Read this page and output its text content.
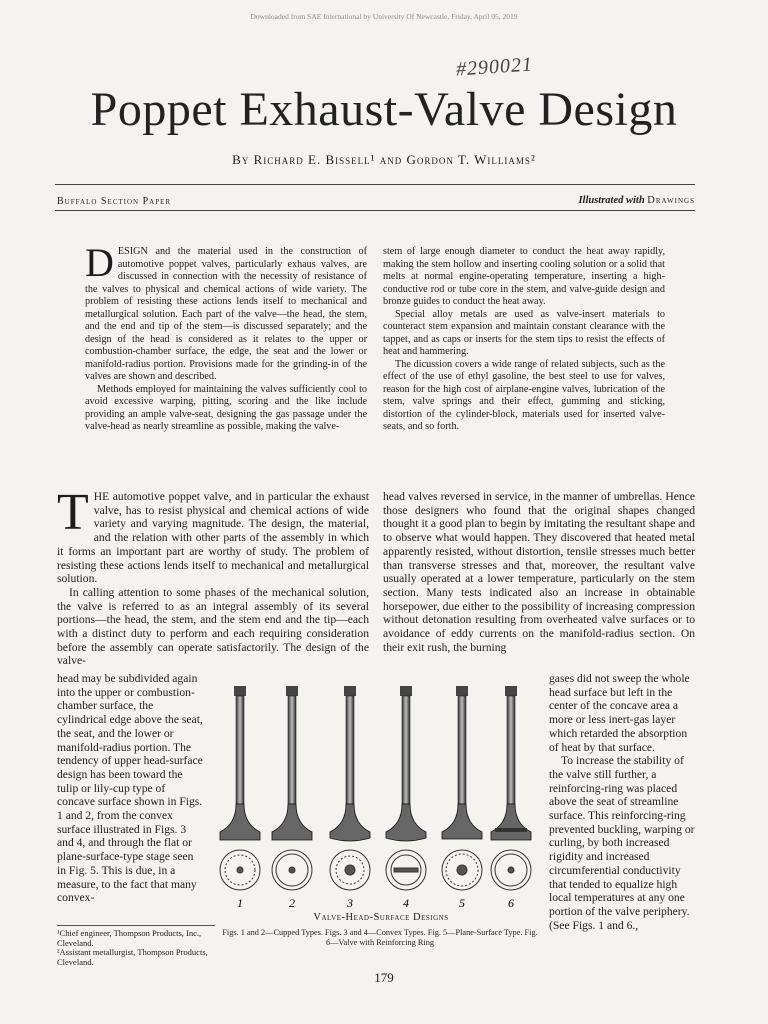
Downloaded from SAE International by University Of Newcastle, Friday, April 05, 2019
#290021
Poppet Exhaust-Valve Design
By Richard E. Bissell¹ and Gordon T. Williams²
Buffalo Section Paper	Illustrated with Drawings

DESIGN and the material used in the construction of automotive poppet valves, particularly exhaus valves, are discussed in connection with the necessity of resistance of the valves to physical and chemical actions of wide variety. The problem of resisting these actions lends itself to mechanical and metallurgical solution. Each part of the valve—the head, the stem, and the end and tip of the stem—is discussed separately; and the design of the head is considered as it relates to the upper or combustion-chamber surface, the edge, the seat and the lower or manifold-radius portion. Provisions made for the grinding-in of the valves are shown and described.

Methods employed for maintaining the valves sufficiently cool to avoid excessive warping, pitting, scoring and the like include providing an ample valve-seat, designing the gas passage under the valve-head as nearly streamline as possible, making the valve-

stem of large enough diameter to conduct the heat away rapidly, making the stem hollow and inserting cooling solution or a solid that melts at normal engine-operating temperature, inserting a high-conductive rod or tube core in the stem, and valve-guide design and bronze guides to conduct the heat away.

Special alloy metals are used as valve-insert materials to counteract stem expansion and maintain constant clearance with the tappet, and as caps or inserts for the stem tips to resist the effects of heat and hammering.

The dicussion covers a wide range of related subjects, such as the effect of the use of ethyl gasoline, the best steel to use for valves, reason for the high cost of airplane-engine valves, lubrication of the stem, valve springs and their effect, gumming and sticking, distortion of the cylinder-block, materials used for inserted valve-seats, and so forth.

THE automotive poppet valve, and in particular the exhaust valve, has to resist physical and chemical actions of wide variety and varying magnitude. The design, the material, and the relation with other parts of the assembly in which it forms an important part are worthy of study. The problem of resisting these actions lends itself to mechanical and metallurgical solution.

In calling attention to some phases of the mechanical solution, the valve is referred to as an integral assembly of its several portions—the head, the stem, and the stem end and the tip—each with a distinct duty to perform and each requiring consideration before the assembly can operate satisfactorily. The design of the valve-

head may be subdivided again into the upper or combustion-chamber surface, the cylindrical edge above the seat, the seat, and the lower or manifold-radius portion. The tendency of upper head-surface design has been toward the tulip or lily-cup type of concave surface shown in Figs. 1 and 2, from the convex surface illustrated in Figs. 3 and 4, and through the flat or plane-surface-type stage seen in Fig. 5. This is due, in a measure, to the fact that many convex-

head valves reversed in service, in the manner of umbrellas. Hence those designers who found that the original shapes changed thought it a good plan to begin by imitating the resultant shape and to observe what would happen. They discovered that heated metal apparently resisted, without distortion, tensile stresses much better than transverse stresses and that, moreover, the resultant valve usually operated at a lower temperature, particularly on the stem section. Many tests indicated also an increase in obtainable horsepower, due either to the possibility of increasing compression without detonation resulting from overheated valve surfaces or to avoidance of eddy currents on the manifold-radius section. On their exit rush, the burning

gases did not sweep the whole head surface but left in the center of the concave area a more or less inert-gas layer which retarded the absorption of heat by that surface.

To increase the stability of the valve still further, a reinforcing-ring was placed above the seat of streamline surface. This reinforcing-ring prevented buckling, warping or curling, by both increased rigidity and increased circumferential conductivity that tended to equalize high local temperatures at any one portion of the valve periphery. (See Figs. 1 and 6.,

1	2	3	4	5	6
Valve-Head-Surface Designs
Figs. 1 and 2—Cupped Types. Figs. 3 and 4—Convex Types. Fig. 5—Plane-Surface Type. Fig. 6—Valve with Reinforcing Ring
¹Chief engineer, Thompson Products, Inc., Cleveland.
²Assistant metallurgist, Thompson Products, Cleveland.
179
